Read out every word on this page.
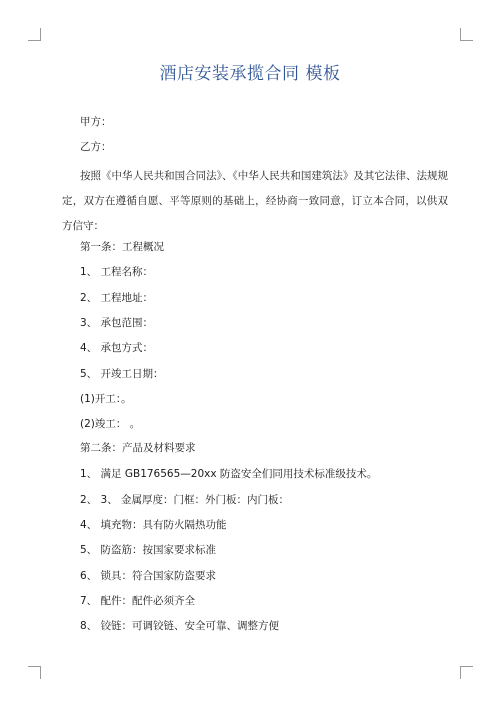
酒店安装承揽合同 模板
甲方：
乙方：
按照《中华人民共和国合同法》、《中华人民共和国建筑法》及其它法律、法规规定，双方在遵循自愿、平等原则的基础上，经协商一致同意，订立本合同，以供双方信守：
第一条：工程概况
1、 工程名称：
2、 工程地址：
3、 承包范围：
4、 承包方式：
5、 开竣工日期：
(1)开工：。
(2)竣工： 。
第二条：产品及材料要求
1、 满足 GB176565—20xx 防盗安全们同用技术标准级技术。
2、 3、 金属厚度：门框：外门板：内门板：
4、 填充物：具有防火隔热功能
5、 防盗筋：按国家要求标准
6、 锁具：符合国家防盗要求
7、 配件：配件必须齐全
8、 铰链：可调铰链、安全可靠、调整方便
